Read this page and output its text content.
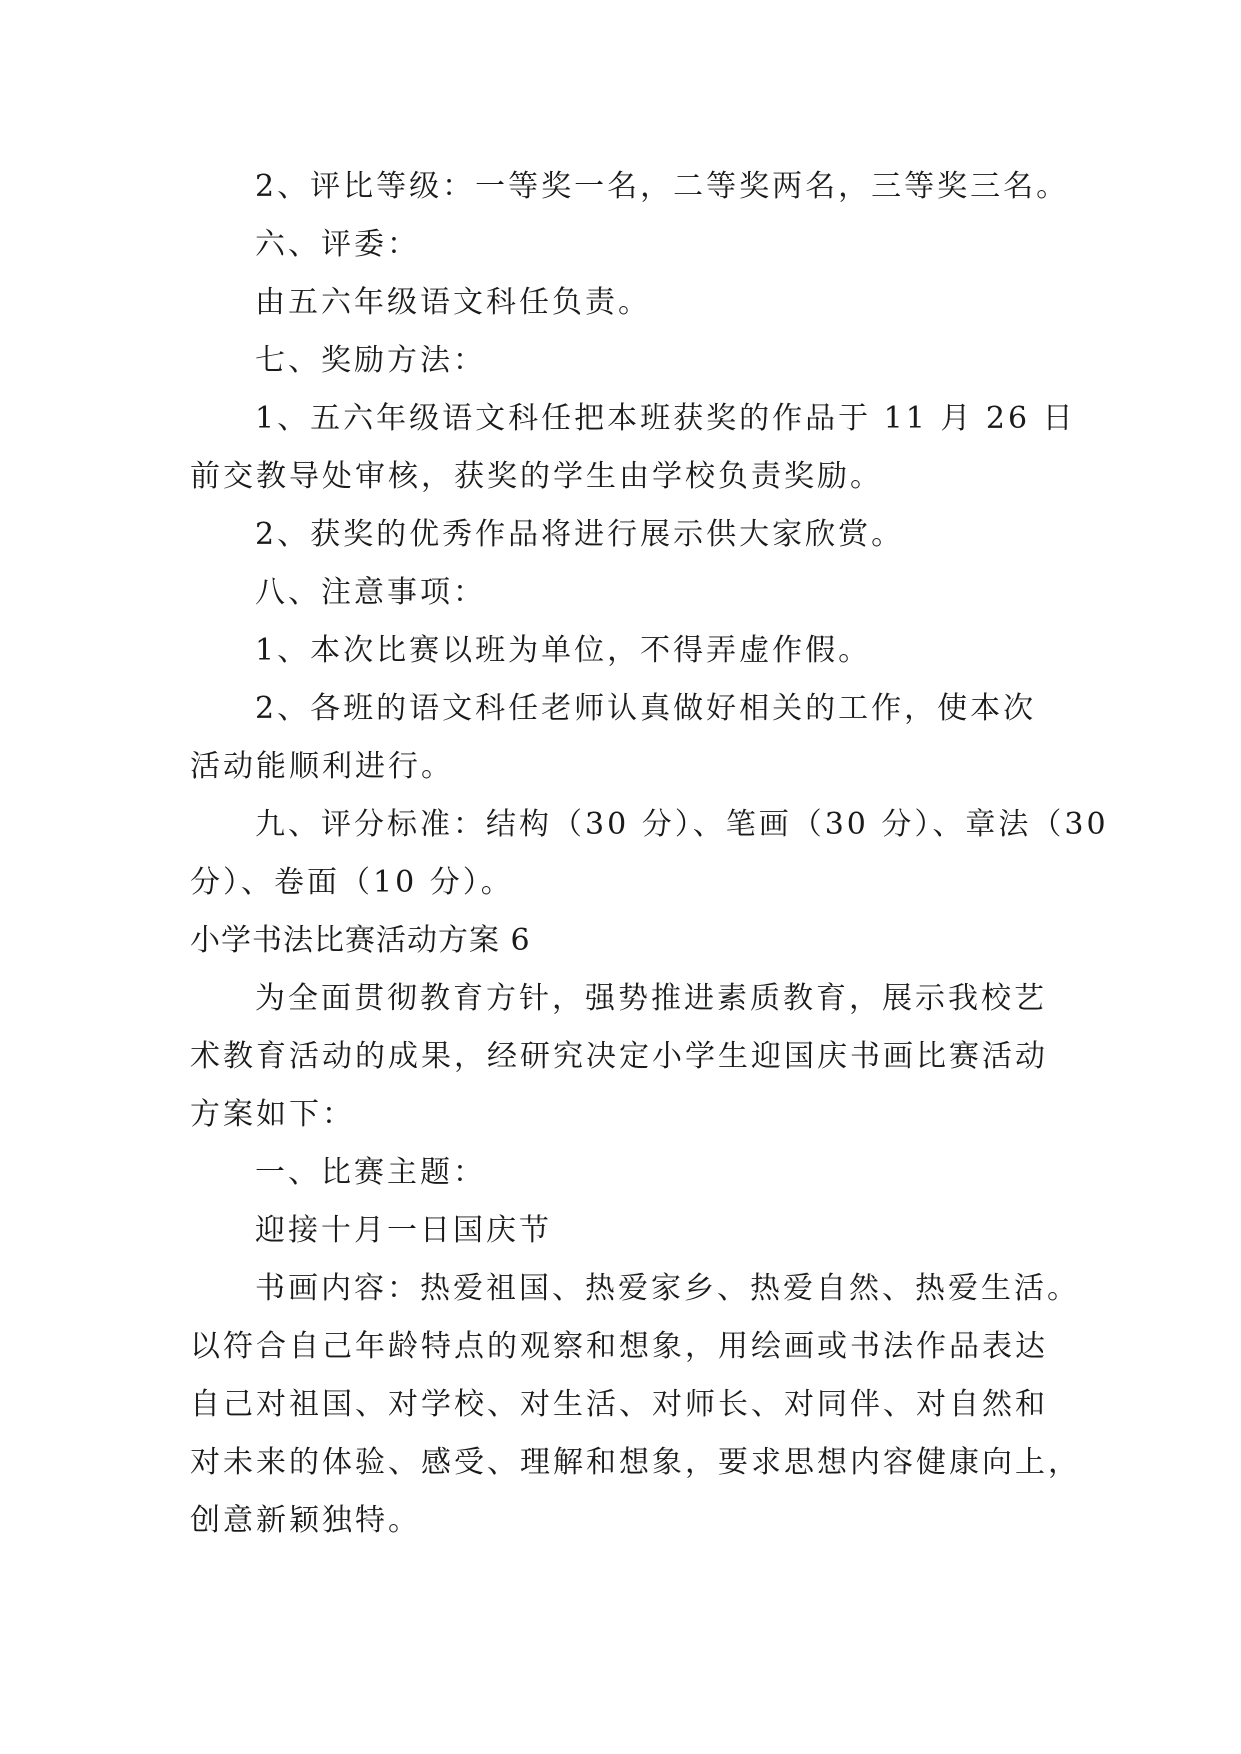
2、评比等级：一等奖一名，二等奖两名，三等奖三名。
六、评委：
由五六年级语文科任负责。
七、奖励方法：
1、五六年级语文科任把本班获奖的作品于 11 月 26 日
前交教导处审核，获奖的学生由学校负责奖励。
2、获奖的优秀作品将进行展示供大家欣赏。
八、注意事项：
1、本次比赛以班为单位，不得弄虚作假。
2、各班的语文科任老师认真做好相关的工作，使本次
活动能顺利进行。
九、评分标准：结构（30 分）、笔画（30 分）、章法（30
分）、卷面（10 分）。
小学书法比赛活动方案 6
为全面贯彻教育方针，强势推进素质教育，展示我校艺
术教育活动的成果，经研究决定小学生迎国庆书画比赛活动
方案如下：
一、比赛主题：
迎接十月一日国庆节
书画内容：热爱祖国、热爱家乡、热爱自然、热爱生活。
以符合自己年龄特点的观察和想象，用绘画或书法作品表达
自己对祖国、对学校、对生活、对师长、对同伴、对自然和
对未来的体验、感受、理解和想象，要求思想内容健康向上，
创意新颖独特。
